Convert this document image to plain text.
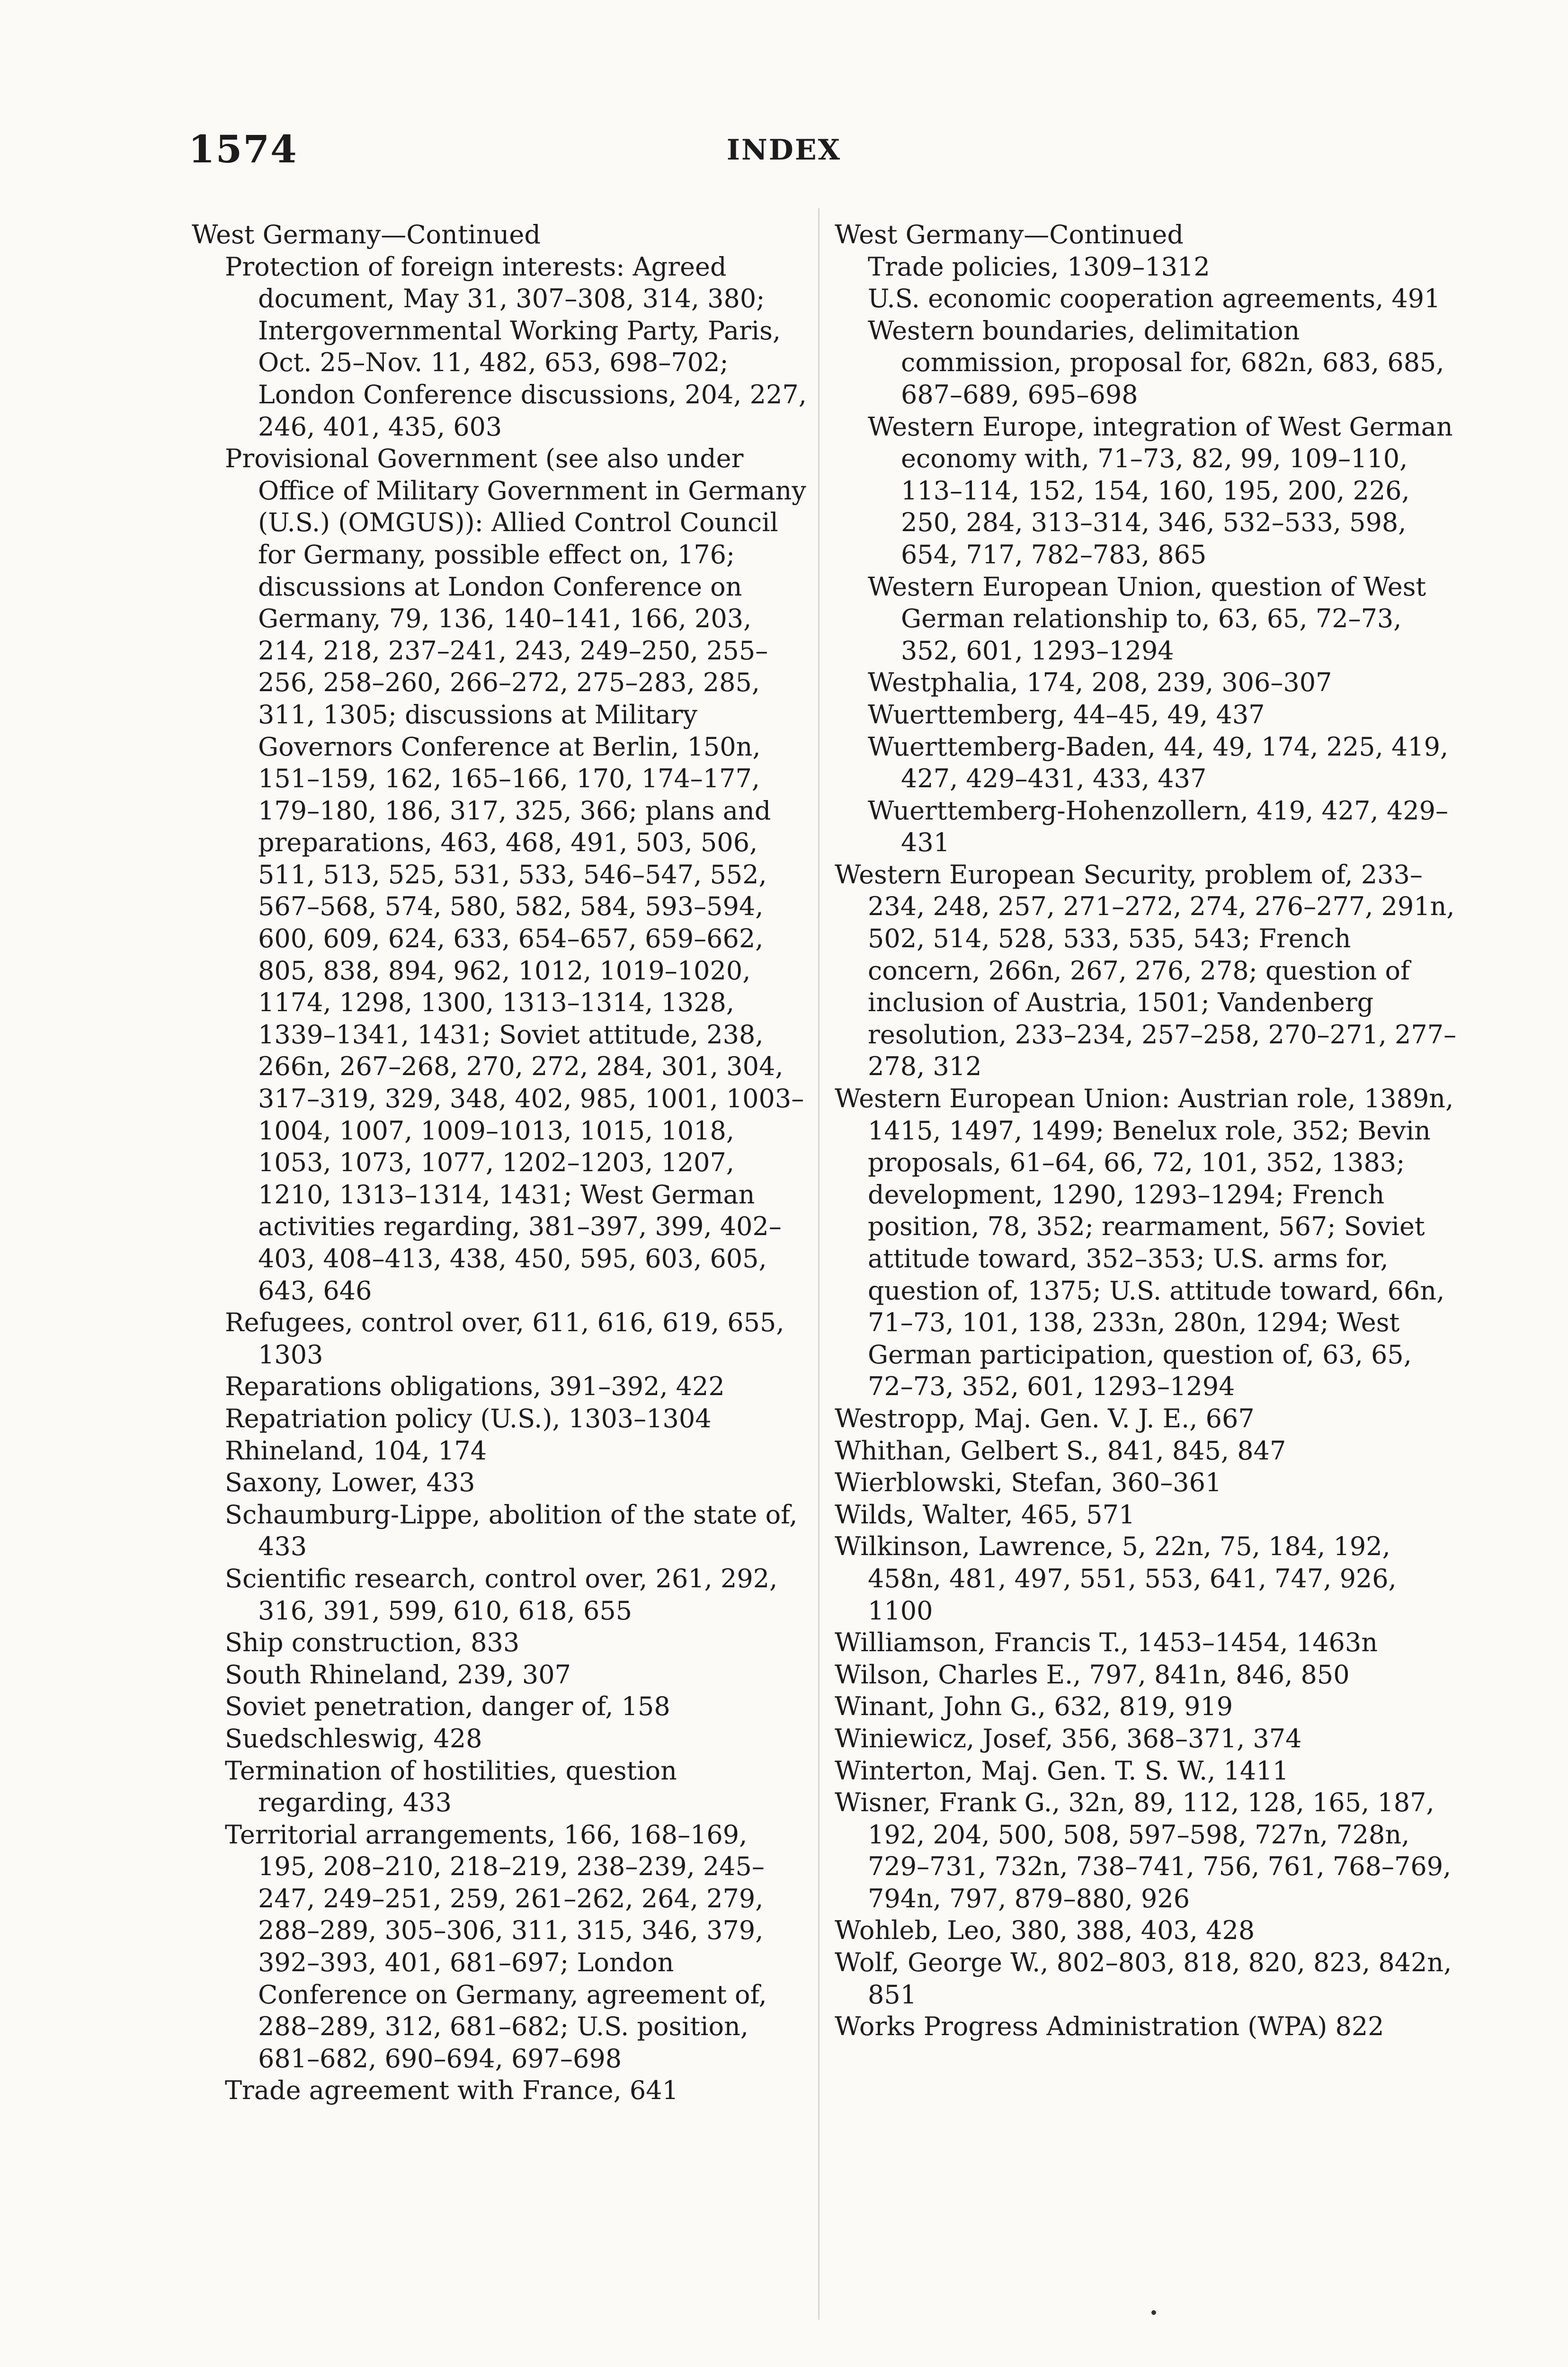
1574	INDEX

West Germany—Continued

Protection of foreign interests: Agreed document, May 31, 307–308, 314, 380; Intergovernmental Working Party, Paris, Oct. 25–Nov. 11, 482, 653, 698–702; London Conference discussions, 204, 227, 246, 401, 435, 603

Provisional Government (see also under Office of Military Government in Germany (U.S.) (OMGUS)): Allied Control Council for Germany, possible effect on, 176; discussions at London Conference on Germany, 79, 136, 140–141, 166, 203, 214, 218, 237–241, 243, 249–250, 255–256, 258–260, 266–272, 275–283, 285, 311, 1305; discussions at Military Governors Conference at Berlin, 150n, 151–159, 162, 165–166, 170, 174–177, 179–180, 186, 317, 325, 366; plans and preparations, 463, 468, 491, 503, 506, 511, 513, 525, 531, 533, 546–547, 552, 567–568, 574, 580, 582, 584, 593–594, 600, 609, 624, 633, 654–657, 659–662, 805, 838, 894, 962, 1012, 1019–1020, 1174, 1298, 1300, 1313–1314, 1328, 1339–1341, 1431; Soviet attitude, 238, 266n, 267–268, 270, 272, 284, 301, 304, 317–319, 329, 348, 402, 985, 1001, 1003–1004, 1007, 1009–1013, 1015, 1018, 1053, 1073, 1077, 1202–1203, 1207, 1210, 1313–1314, 1431; West German activities regarding, 381–397, 399, 402–403, 408–413, 438, 450, 595, 603, 605, 643, 646

Refugees, control over, 611, 616, 619, 655, 1303

Reparations obligations, 391–392, 422

Repatriation policy (U.S.), 1303–1304

Rhineland, 104, 174

Saxony, Lower, 433

Schaumburg-Lippe, abolition of the state of, 433

Scientific research, control over, 261, 292, 316, 391, 599, 610, 618, 655

Ship construction, 833

South Rhineland, 239, 307

Soviet penetration, danger of, 158

Suedschleswig, 428

Termination of hostilities, question regarding, 433

Territorial arrangements, 166, 168–169, 195, 208–210, 218–219, 238–239, 245–247, 249–251, 259, 261–262, 264, 279, 288–289, 305–306, 311, 315, 346, 379, 392–393, 401, 681–697; London Conference on Germany, agreement of, 288–289, 312, 681–682; U.S. position, 681–682, 690–694, 697–698

Trade agreement with France, 641

West Germany—Continued

Trade policies, 1309–1312

U.S. economic cooperation agreements, 491

Western boundaries, delimitation commission, proposal for, 682n, 683, 685, 687–689, 695–698

Western Europe, integration of West German economy with, 71–73, 82, 99, 109–110, 113–114, 152, 154, 160, 195, 200, 226, 250, 284, 313–314, 346, 532–533, 598, 654, 717, 782–783, 865

Western European Union, question of West German relationship to, 63, 65, 72–73, 352, 601, 1293–1294

Westphalia, 174, 208, 239, 306–307

Wuerttemberg, 44–45, 49, 437

Wuerttemberg-Baden, 44, 49, 174, 225, 419, 427, 429–431, 433, 437

Wuerttemberg-Hohenzollern, 419, 427, 429–431

Western European Security, problem of, 233–234, 248, 257, 271–272, 274, 276–277, 291n, 502, 514, 528, 533, 535, 543; French concern, 266n, 267, 276, 278; question of inclusion of Austria, 1501; Vandenberg resolution, 233–234, 257–258, 270–271, 277–278, 312

Western European Union: Austrian role, 1389n, 1415, 1497, 1499; Benelux role, 352; Bevin proposals, 61–64, 66, 72, 101, 352, 1383; development, 1290, 1293–1294; French position, 78, 352; rearmament, 567; Soviet attitude toward, 352–353; U.S. arms for, question of, 1375; U.S. attitude toward, 66n, 71–73, 101, 138, 233n, 280n, 1294; West German participation, question of, 63, 65, 72–73, 352, 601, 1293–1294

Westropp, Maj. Gen. V. J. E., 667

Whithan, Gelbert S., 841, 845, 847

Wierblowski, Stefan, 360–361

Wilds, Walter, 465, 571

Wilkinson, Lawrence, 5, 22n, 75, 184, 192, 458n, 481, 497, 551, 553, 641, 747, 926, 1100

Williamson, Francis T., 1453–1454, 1463n

Wilson, Charles E., 797, 841n, 846, 850

Winant, John G., 632, 819, 919

Winiewicz, Josef, 356, 368–371, 374

Winterton, Maj. Gen. T. S. W., 1411

Wisner, Frank G., 32n, 89, 112, 128, 165, 187, 192, 204, 500, 508, 597–598, 727n, 728n, 729–731, 732n, 738–741, 756, 761, 768–769, 794n, 797, 879–880, 926

Wohleb, Leo, 380, 388, 403, 428

Wolf, George W., 802–803, 818, 820, 823, 842n, 851

Works Progress Administration (WPA) 822
